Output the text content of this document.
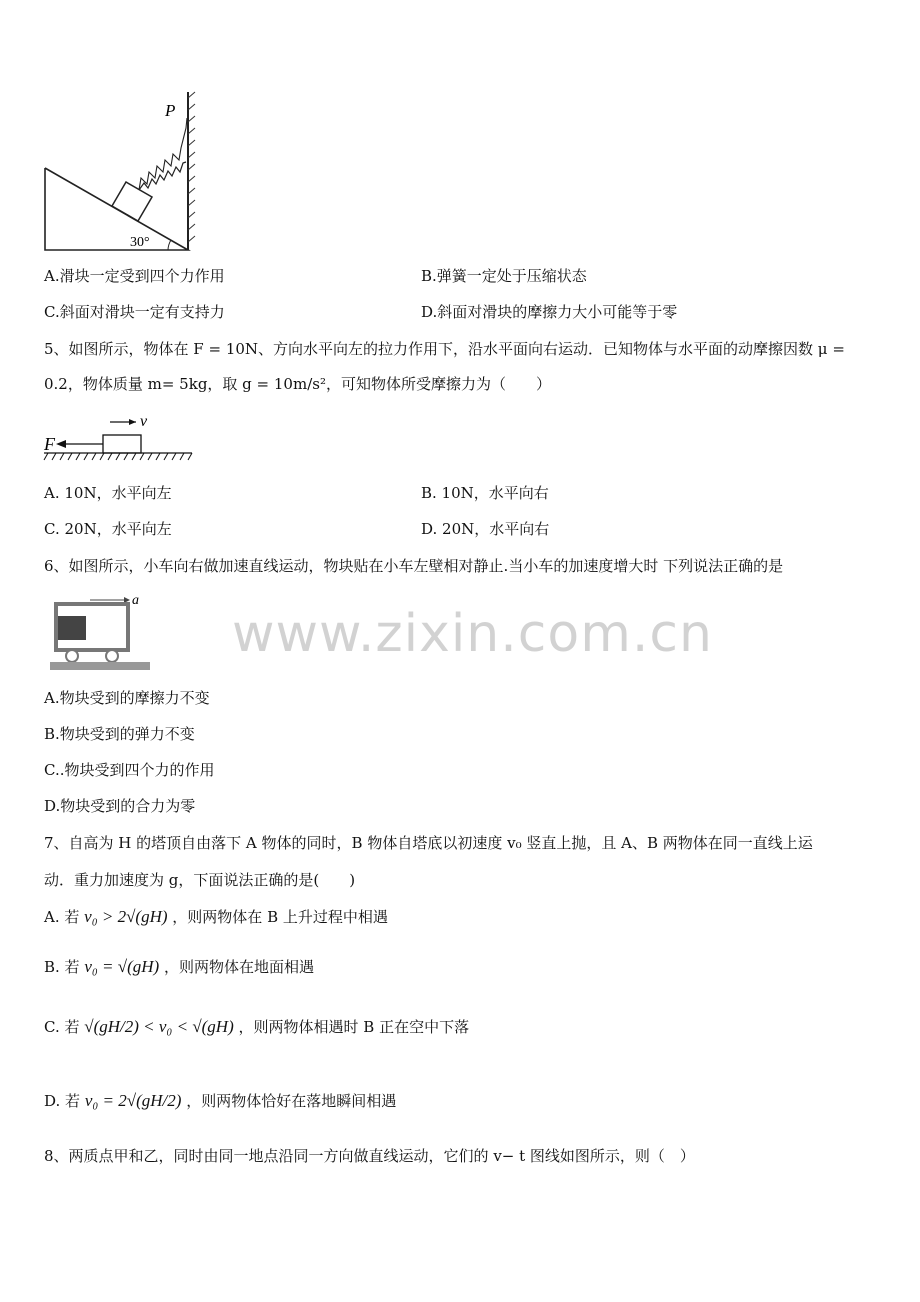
P
30°
A.滑块一定受到四个力作用	B.弹簧一定处于压缩状态
C.斜面对滑块一定有支持力	D.斜面对滑块的摩擦力大小可能等于零
5、如图所示，物体在 F = 10N、方向水平向左的拉力作用下，沿水平面向右运动．已知物体与水平面的动摩擦因数 μ =
0.2，物体质量 m= 5kg，取 g = 10m/s²，可知物体所受摩擦力为（　　）
v
F
A. 10N，水平向左	B. 10N，水平向右
C. 20N，水平向左	D. 20N，水平向右
6、如图所示，小车向右做加速直线运动，物块贴在小车左壁相对静止.当小车的加速度增大时 下列说法正确的是
a
A.物块受到的摩擦力不变
B.物块受到的弹力不变
C..物块受到四个力的作用
D.物块受到的合力为零
www.zixin.com.cn
7、自高为 H 的塔顶自由落下 A 物体的同时，B 物体自塔底以初速度 v₀ 竖直上抛，且 A、B 两物体在同一直线上运
动．重力加速度为 g，下面说法正确的是(　　)
A. 若 v₀ > 2√(gH) ，则两物体在 B 上升过程中相遇
B. 若 v₀ = √(gH) ，则两物体在地面相遇
C. 若 √(gH/2) < v₀ < √(gH) ，则两物体相遇时 B 正在空中下落
D. 若 v₀ = 2√(gH/2) ，则两物体恰好在落地瞬间相遇
8、两质点甲和乙，同时由同一地点沿同一方向做直线运动，它们的 v− t 图线如图所示，则（　）
